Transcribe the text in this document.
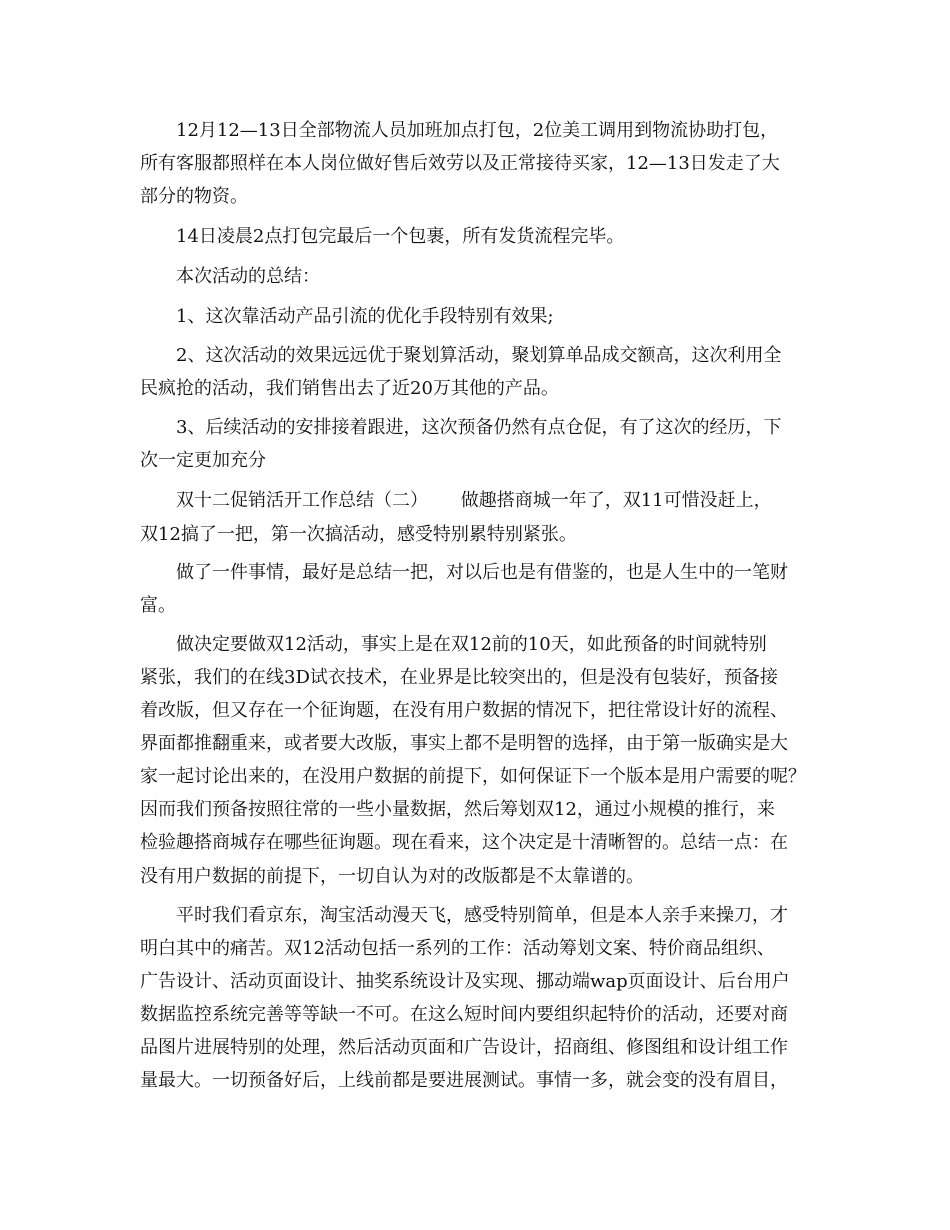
　　12月12—13日全部物流人员加班加点打包，2位美工调用到物流协助打包，
所有客服都照样在本人岗位做好售后效劳以及正常接待买家，12—13日发走了大
部分的物资。
　　14日凌晨2点打包完最后一个包裹，所有发货流程完毕。
　　本次活动的总结：
　　1、这次靠活动产品引流的优化手段特别有效果;
　　2、这次活动的效果远远优于聚划算活动，聚划算单品成交额高，这次利用全
民疯抢的活动，我们销售出去了近20万其他的产品。
　　3、后续活动的安排接着跟进，这次预备仍然有点仓促，有了这次的经历，下
次一定更加充分
　　双十二促销活开工作总结（二）　　 做趣搭商城一年了，双11可惜没赶上，
双12搞了一把，第一次搞活动，感受特别累特别紧张。
　　做了一件事情，最好是总结一把，对以后也是有借鉴的，也是人生中的一笔财
富。
　　做决定要做双12活动，事实上是在双12前的10天，如此预备的时间就特别
紧张，我们的在线3D试衣技术，在业界是比较突出的，但是没有包装好，预备接
着改版，但又存在一个征询题，在没有用户数据的情况下，把往常设计好的流程、
界面都推翻重来，或者要大改版，事实上都不是明智的选择，由于第一版确实是大
家一起讨论出来的，在没用户数据的前提下，如何保证下一个版本是用户需要的呢？
因而我们预备按照往常的一些小量数据，然后筹划双12，通过小规模的推行，来
检验趣搭商城存在哪些征询题。现在看来，这个决定是十清晰智的。总结一点：在
没有用户数据的前提下，一切自认为对的改版都是不太靠谱的。
　　平时我们看京东，淘宝活动漫天飞，感受特别简单，但是本人亲手来操刀，才
明白其中的痛苦。双12活动包括一系列的工作：活动筹划文案、特价商品组织、
广告设计、活动页面设计、抽奖系统设计及实现、挪动端wap页面设计、后台用户
数据监控系统完善等等缺一不可。在这么短时间内要组织起特价的活动，还要对商
品图片进展特别的处理，然后活动页面和广告设计，招商组、修图组和设计组工作
量最大。一切预备好后，上线前都是要进展测试。事情一多，就会变的没有眉目，
